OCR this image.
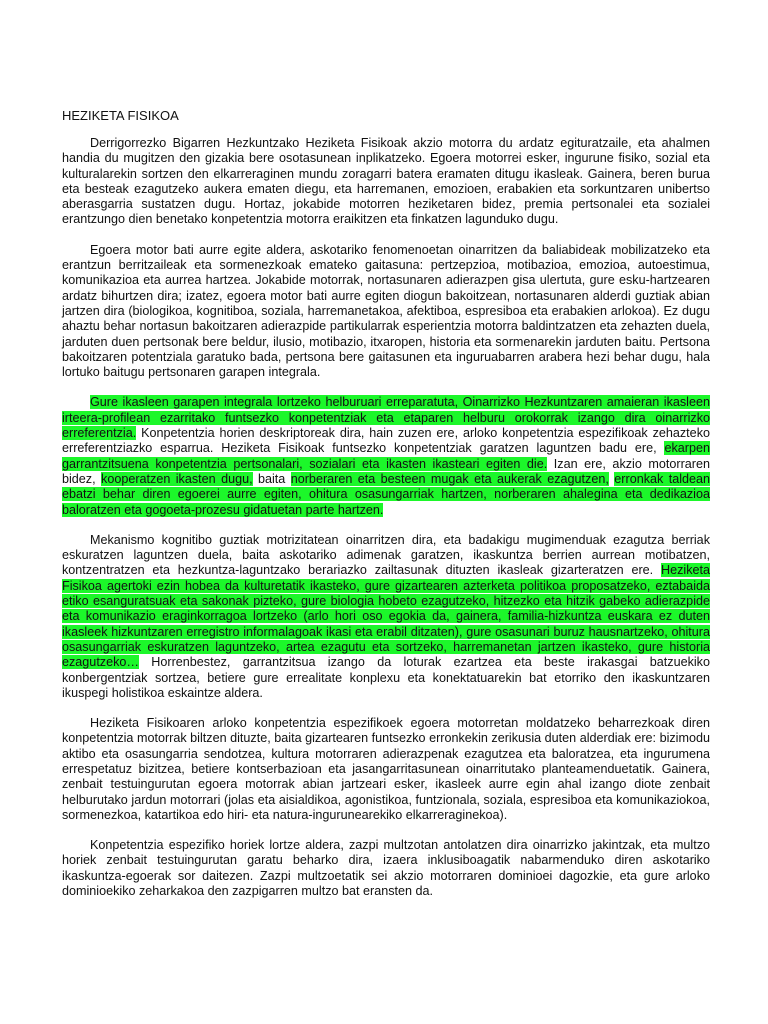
HEZIKETA FISIKOA

Derrigorrezko Bigarren Hezkuntzako Heziketa Fisikoak akzio motorra du ardatz egituratzaile, eta ahalmen handia du mugitzen den gizakia bere osotasunean inplikatzeko. Egoera motorrei esker, ingurune fisiko, sozial eta kulturalarekin sortzen den elkarreraginen mundu zoragarri batera eramaten ditugu ikasleak. Gainera, beren burua eta besteak ezagutzeko aukera ematen diegu, eta harremanen, emozioen, erabakien eta sorkuntzaren unibertso aberasgarria sustatzen dugu. Hortaz, jokabide motorren heziketaren bidez, premia pertsonalei eta sozialei erantzungo dien benetako konpetentzia motorra eraikitzen eta finkatzen lagunduko dugu.

Egoera motor bati aurre egite aldera, askotariko fenomenoetan oinarritzen da baliabideak mobilizatzeko eta erantzun berritzaileak eta sormenezkoak emateko gaitasuna: pertzepzioa, motibazioa, emozioa, autoestimua, komunikazioa eta aurrea hartzea. Jokabide motorrak, nortasunaren adierazpen gisa ulertuta, gure esku-hartzearen ardatz bihurtzen dira; izatez, egoera motor bati aurre egiten diogun bakoitzean, nortasunaren alderdi guztiak abian jartzen dira (biologikoa, kognitiboa, soziala, harremanetakoa, afektiboa, espresiboa eta erabakien arlokoa). Ez dugu ahaztu behar nortasun bakoitzaren adierazpide partikularrak esperientzia motorra baldintzatzen eta zehazten duela, jarduten duen pertsonak bere beldur, ilusio, motibazio, itxaropen, historia eta sormenarekin jarduten baitu. Pertsona bakoitzaren potentziala garatuko bada, pertsona bere gaitasunen eta inguruabarren arabera hezi behar dugu, hala lortuko baitugu pertsonaren garapen integrala.

Gure ikasleen garapen integrala lortzeko helburuari erreparatuta, Oinarrizko Hezkuntzaren amaieran ikasleen irteera-profilean ezarritako funtsezko konpetentziak eta etaparen helburu orokorrak izango dira oinarrizko erreferentzia. Konpetentzia horien deskriptoreak dira, hain zuzen ere, arloko konpetentzia espezifikoak zehazteko erreferentziazko esparrua. Heziketa Fisikoak funtsezko konpetentziak garatzen laguntzen badu ere, ekarpen garrantzitsuena konpetentzia pertsonalari, sozialari eta ikasten ikasteari egiten die. Izan ere, akzio motorraren bidez, kooperatzen ikasten dugu, baita norberaren eta besteen mugak eta aukerak ezagutzen, erronkak taldean ebatzi behar diren egoerei aurre egiten, ohitura osasungarriak hartzen, norberaren ahalegina eta dedikazioa baloratzen eta gogoeta-prozesu gidatuetan parte hartzen.

Mekanismo kognitibo guztiak motrizitatean oinarritzen dira, eta badakigu mugimenduak ezagutza berriak eskuratzen laguntzen duela, baita askotariko adimenak garatzen, ikaskuntza berrien aurrean motibatzen, kontzentratzen eta hezkuntza-laguntzako berariazko zailtasunak dituzten ikasleak gizarteratzen ere. Heziketa Fisikoa agertoki ezin hobea da kulturetatik ikasteko, gure gizartearen azterketa politikoa proposatzeko, eztabaida etiko esanguratsuak eta sakonak pizteko, gure biologia hobeto ezagutzeko, hitzezko eta hitzik gabeko adierazpide eta komunikazio eraginkorragoa lortzeko (arlo hori oso egokia da, gainera, familia-hizkuntza euskara ez duten ikasleek hizkuntzaren erregistro informalagoak ikasi eta erabil ditzaten), gure osasunari buruz hausnartzeko, ohitura osasungarriak eskuratzen laguntzeko, artea ezagutu eta sortzeko, harremanetan jartzen ikasteko, gure historia ezagutzeko… Horrenbestez, garrantzitsua izango da loturak ezartzea eta beste irakasgai batzuekiko konbergentziak sortzea, betiere gure errealitate konplexu eta konektatuarekin bat etorriko den ikaskuntzaren ikuspegi holistikoa eskaintze aldera.

Heziketa Fisikoaren arloko konpetentzia espezifikoek egoera motorretan moldatzeko beharrezkoak diren konpetentzia motorrak biltzen dituzte, baita gizartearen funtsezko erronkekin zerikusia duten alderdiak ere: bizimodu aktibo eta osasungarria sendotzea, kultura motorraren adierazpenak ezagutzea eta baloratzea, eta ingurumena errespetatuz bizitzea, betiere kontserbazioan eta jasangarritasunean oinarritutako planteamenduetatik. Gainera, zenbait testuingurutan egoera motorrak abian jartzeari esker, ikasleek aurre egin ahal izango diote zenbait helburutako jardun motorrari (jolas eta aisialdikoa, agonistikoa, funtzionala, soziala, espresiboa eta komunikaziokoa, sormenezkoa, katartikoa edo hiri- eta natura-ingurunearekiko elkarreraginekoa).

Konpetentzia espezifiko horiek lortze aldera, zazpi multzotan antolatzen dira oinarrizko jakintzak, eta multzo horiek zenbait testuingurutan garatu beharko dira, izaera inklusiboagatik nabarmenduko diren askotariko ikaskuntza-egoerak sor daitezen. Zazpi multzoetatik sei akzio motorraren dominioei dagozkie, eta gure arloko dominioekiko zeharkakoa den zazpigarren multzo bat eransten da.
